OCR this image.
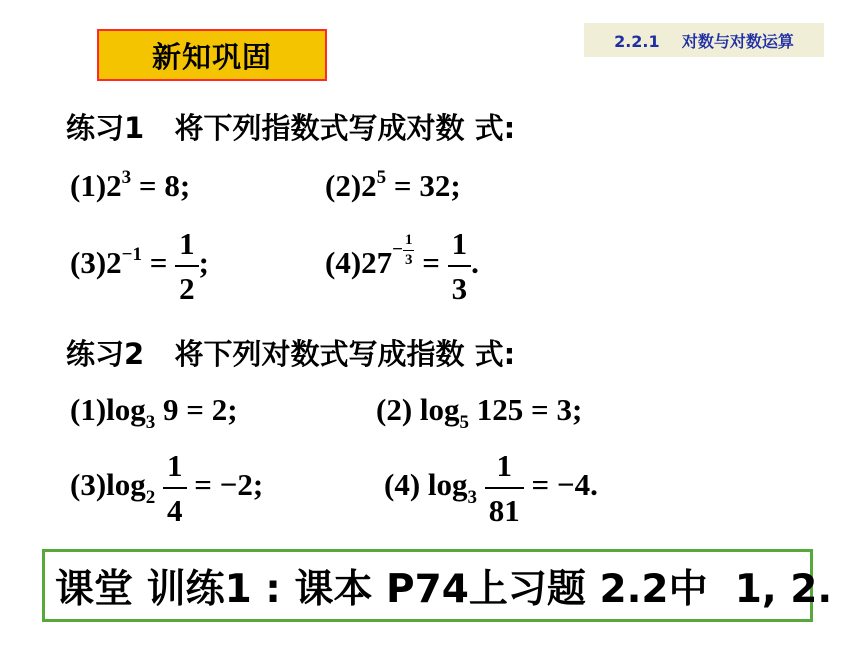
新知巩固	2.2.1    对数与对数运算
练习1   将下列指数式写成对数 式:
$(1)2^3 = 8$;	$(2)2^5 = 32$;
$(3)2^{-1} = \frac{1}{2}$ ;	$(4)27- \frac{1}{3} = \frac{1}{3}$ .
练习2   将下列对数式写成指数 式:
$(1)\log_3$ 9 = 2;	(2) $\log_5 125 = 3$;
$(3)\log_2 \frac{1}{4} = -2$;	(4) $\log_3 \frac{1}{81} = -4$.
课堂 训练1 : 课本 P74上习题 2.2中  1, 2.
